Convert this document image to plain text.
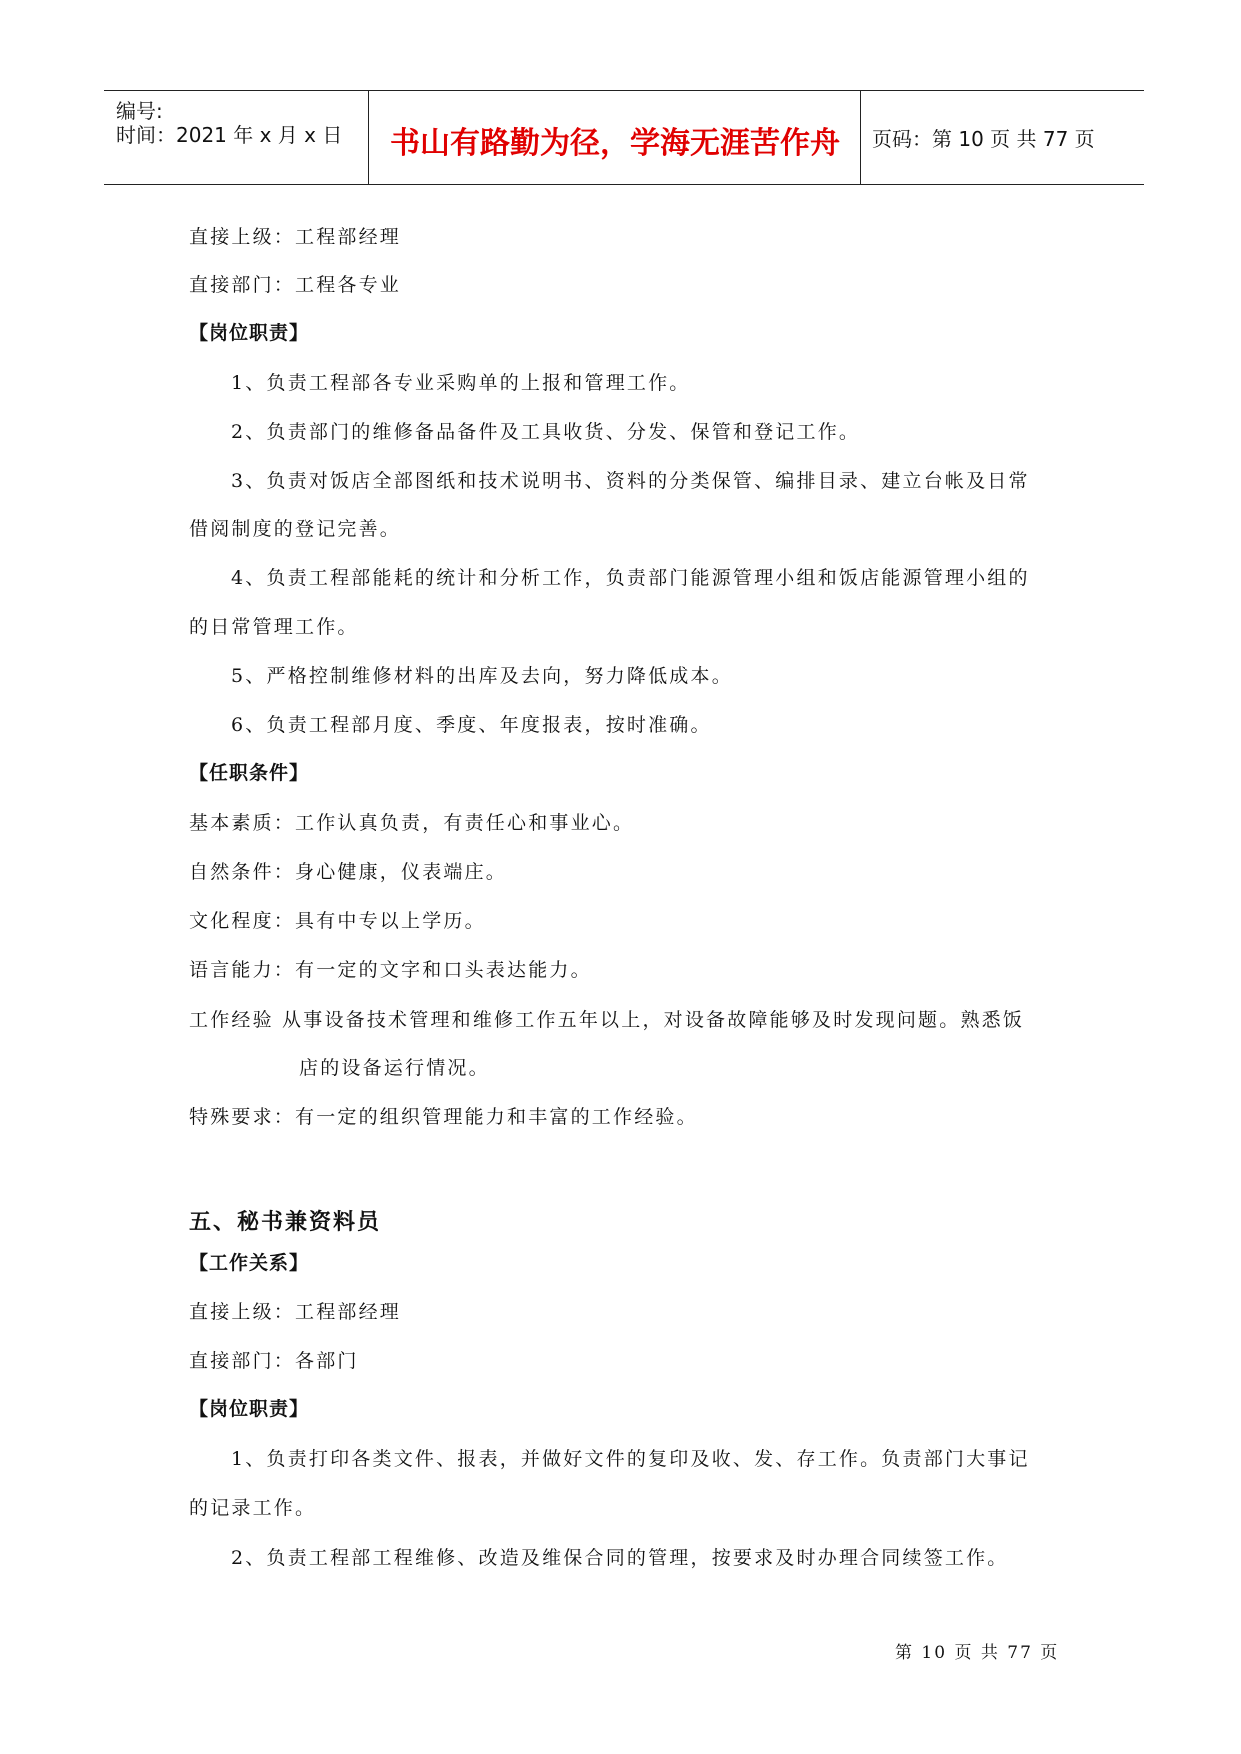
编号:
时间：2021 年 x 月 x 日	书山有路勤为径，学海无涯苦作舟	页码：第 10 页 共 77 页
直接上级：工程部经理
直接部门：工程各专业
【岗位职责】
1、负责工程部各专业采购单的上报和管理工作。
2、负责部门的维修备品备件及工具收货、分发、保管和登记工作。
3、负责对饭店全部图纸和技术说明书、资料的分类保管、编排目录、建立台帐及日常
借阅制度的登记完善。
4、负责工程部能耗的统计和分析工作，负责部门能源管理小组和饭店能源管理小组的
的日常管理工作。
5、严格控制维修材料的出库及去向，努力降低成本。
6、负责工程部月度、季度、年度报表，按时准确。
【任职条件】
基本素质：工作认真负责，有责任心和事业心。
自然条件：身心健康，仪表端庄。
文化程度：具有中专以上学历。
语言能力：有一定的文字和口头表达能力。
工作经验 从事设备技术管理和维修工作五年以上，对设备故障能够及时发现问题。熟悉饭
店的设备运行情况。
特殊要求：有一定的组织管理能力和丰富的工作经验。
五、秘书兼资料员
【工作关系】
直接上级：工程部经理
直接部门：各部门
【岗位职责】
1、负责打印各类文件、报表，并做好文件的复印及收、发、存工作。负责部门大事记
的记录工作。
2、负责工程部工程维修、改造及维保合同的管理，按要求及时办理合同续签工作。
第 10 页 共 77 页
